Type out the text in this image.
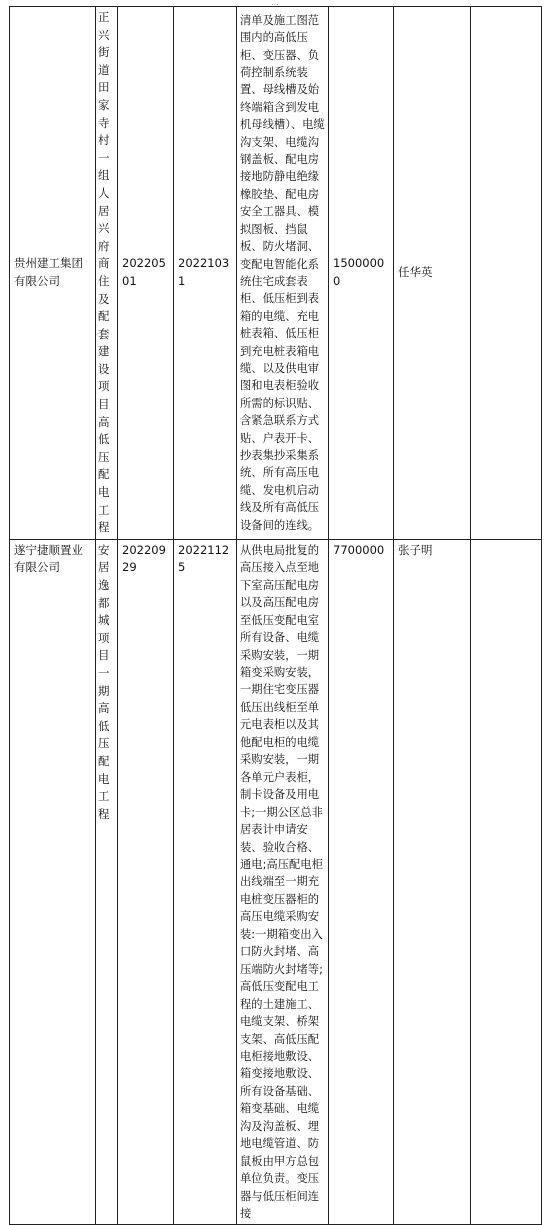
...
贵州建工集团有限公司	正兴街道田家寺村一组人居兴府商住及配套建设项目高低压配电工程	20220501	20221031	清单及施工图范围内的高低压柜、变压器、负荷控制系统装置、母线槽及始终端箱含到发电机母线槽）、电缆沟支架、电缆沟钢盖板、配电房接地防静电绝缘橡胶垫、配电房安全工器具、模拟图板、挡鼠板、防火堵洞、变配电智能化系统住宅成套表柜、低压柜到表箱的电缆、充电桩表箱、低压柜到充电桩表箱电缆、以及供电审图和电表柜验收所需的标识贴、含紧急联系方式贴、户表开卡、抄表集抄采集系统、所有高压电缆、发电机启动线及所有高低压设备间的连线。	15000000	任华英	
遂宁捷顺置业有限公司	安居逸都城项目一期高低压配电工程	20220929	20221125	从供电局批复的高压接入点至地下室高压配电房以及高压配电房至低压变配电室所有设备、电缆采购安装，一期箱变采购安装，一期住宅变压器低压出线柜至单元电表柜以及其他配电柜的电缆采购安装，一期各单元户表柜，制卡设备及用电卡;一期公区总非居表计申请安装、验收合格、通电;高压配电柜出线端至一期充电桩变压器柜的高压电缆采购安装:一期箱变出入口防火封堵、高压端防火封堵等;高低压变配电工程的土建施工、电缆支架、桥架支架、高低压配电柜接地敷设、箱变接地敷设、所有设备基础、箱变基础、电缆沟及沟盖板、埋地电缆管道、防鼠板由甲方总包单位负责。变压器与低压柜间连接	7700000	张子明	
